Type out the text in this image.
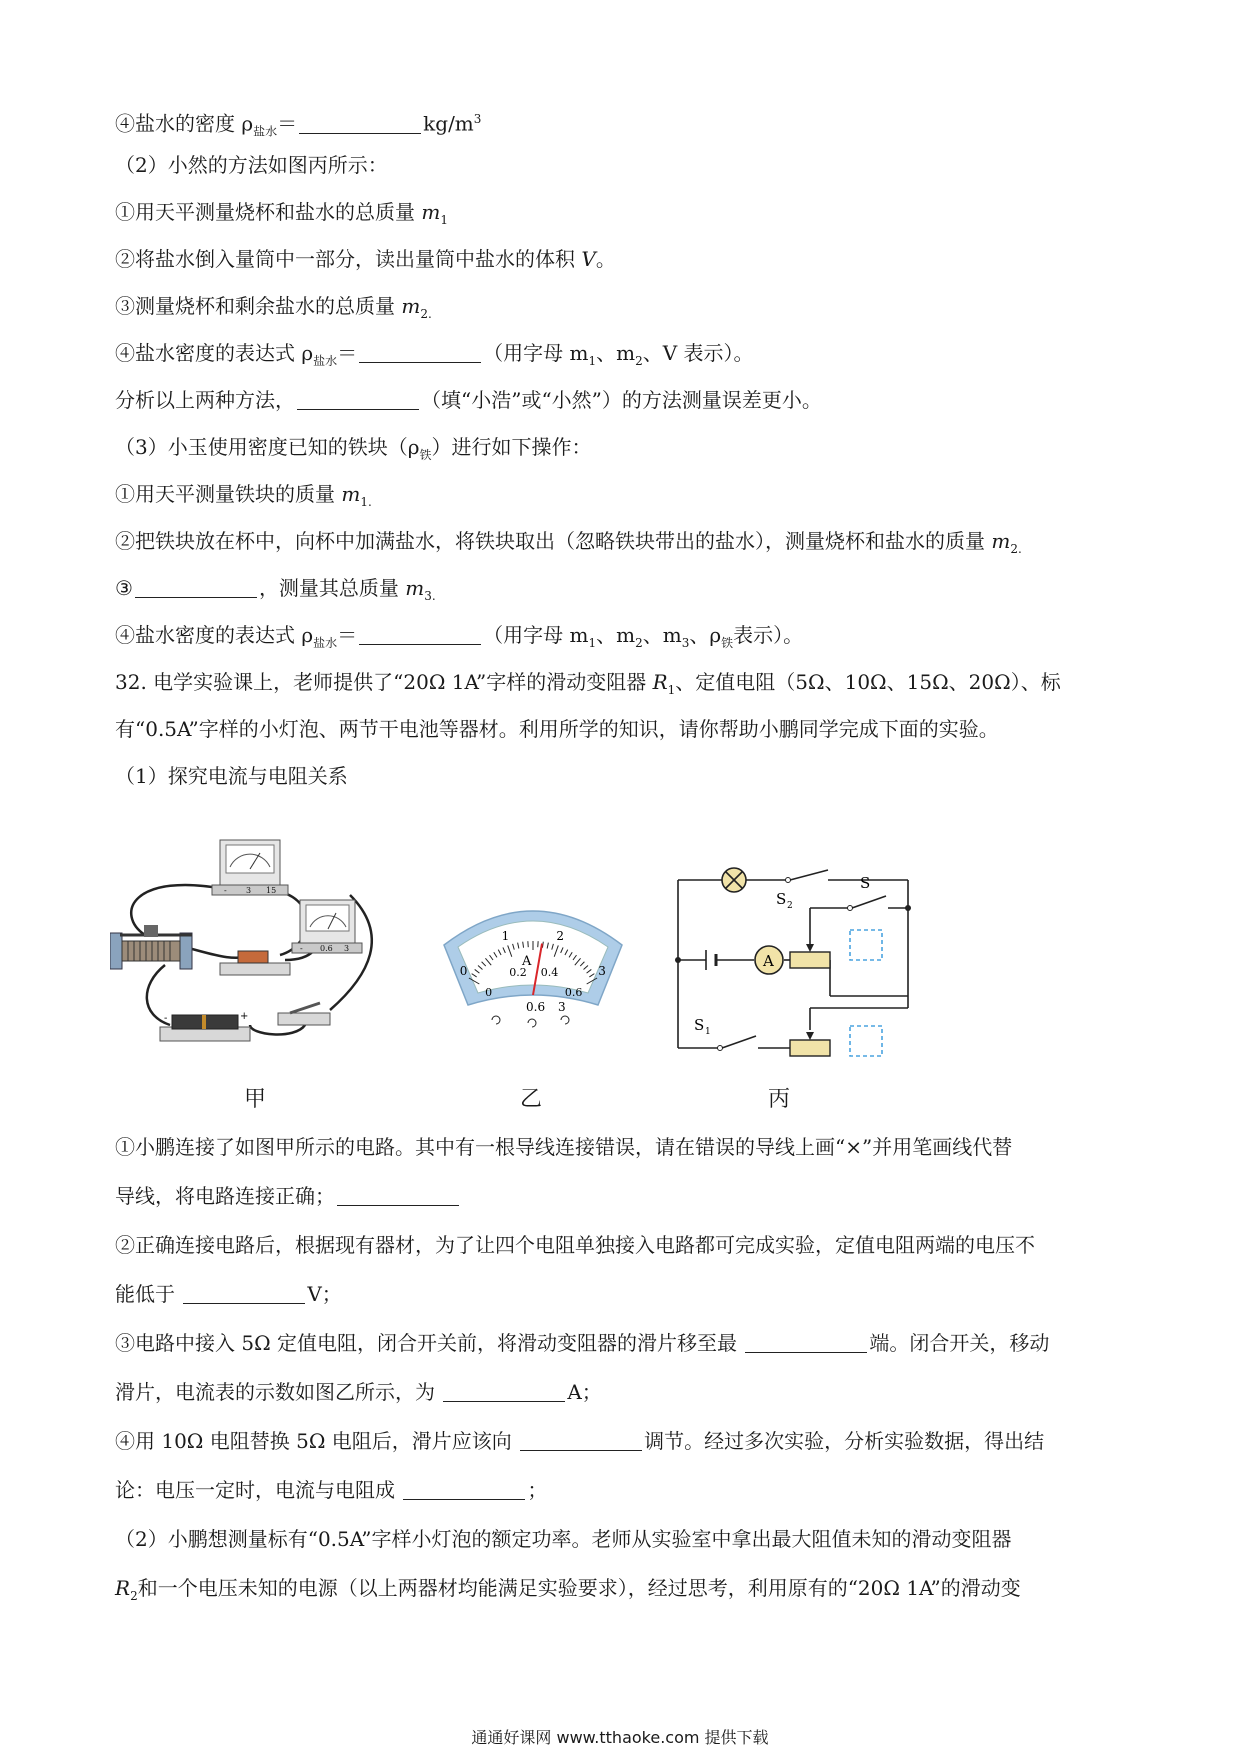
④盐水的密度 $\rho_{盐水}=$	$kg/m^3$
（2）小然的方法如图丙所示：
①用天平测量烧杯和盐水的总质量 $m_1$
②将盐水倒入量筒中一部分，读出量筒中盐水的体积 V。
③测量烧杯和剩余盐水的总质量 $m_{2.}$
④盐水密度的表达式 $\rho_{盐水}=$	（用字母 $m_1$、$m_2$、V 表示）。
分析以上两种方法，	（填“小浩”或“小然”）的方法测量误差更小。
（3）小玉使用密度已知的铁块$(\rho_铁)$进行如下操作：
①用天平测量铁块的质量 $m_{1.}$
②把铁块放在杯中，向杯中加满盐水，将铁块取出（忽略铁块带出的盐水），测量烧杯和盐水的质量 $m_{2.}$
③	，测量其总质量 $m_{3.}$
④盐水密度的表达式 $\rho_{盐水}=$	（用字母 $m_1$、$m_2$、$m_3$、$\rho_铁$表示）。
32. 电学实验课上，老师提供了“20Ω 1A”字样的滑动变阻器 $R_1$、定值电阻（5Ω、10Ω、15Ω、20Ω）、标
有“0.5A”字样的小灯泡、两节干电池等器材。利用所学的知识，请你帮助小鹏同学完成下面的实验。
（1）探究电流与电阻关系
- 3 15
- 0.6 3
-	+
甲
0
1	2
3
0
0.2 0.4
0.6
A
0.6 3
乙
S 2
S
A
S 1
丙
①小鹏连接了如图甲所示的电路。其中有一根导线连接错误，请在错误的导线上画“×”并用笔画线代替
导线，将电路连接正确；
②正确连接电路后，根据现有器材，为了让四个电阻单独接入电路都可完成实验，定值电阻两端的电压不
能低于	V；
③电路中接入 5Ω 定值电阻，闭合开关前，将滑动变阻器的滑片移至最	端。闭合开关，移动
滑片，电流表的示数如图乙所示，为	A；
④用 10Ω 电阻替换 5Ω 电阻后，滑片应该向	调节。经过多次实验，分析实验数据，得出结
论：电压一定时，电流与电阻成	；
（2）小鹏想测量标有“0.5A”字样小灯泡的额定功率。老师从实验室中拿出最大阻值未知的滑动变阻器
$R_2$和一个电压未知的电源（以上两器材均能满足实验要求），经过思考，利用原有的“20Ω 1A”的滑动变
通通好课网 www.tthaoke.com 提供下载
